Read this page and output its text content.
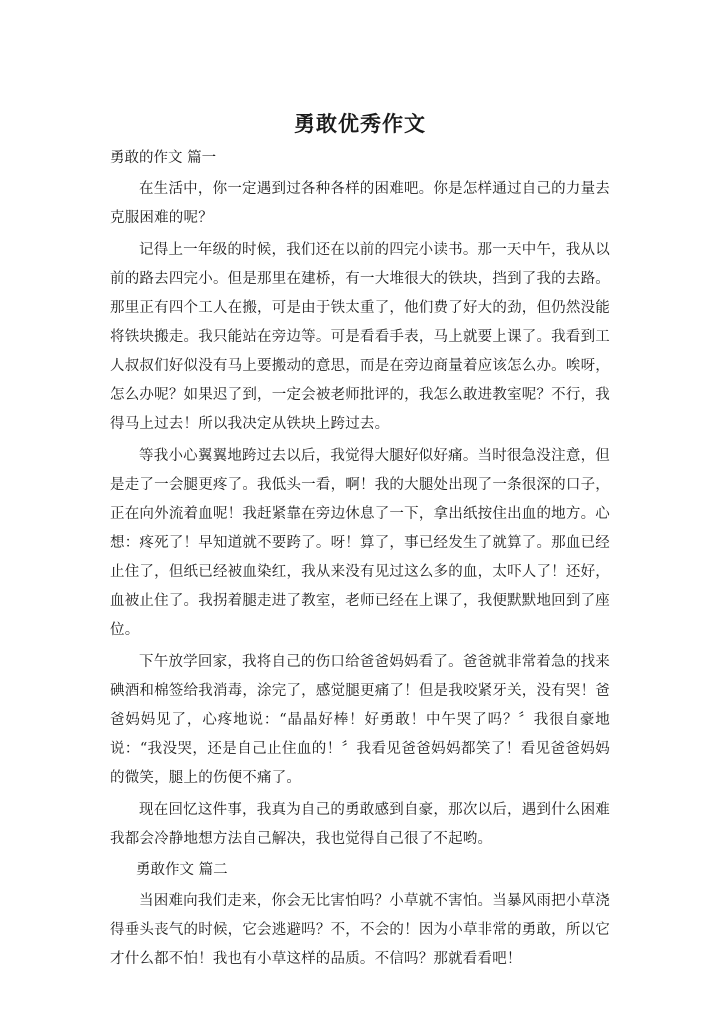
勇敢优秀作文
勇敢的作文 篇一

在生活中，你一定遇到过各种各样的困难吧。你是怎样通过自己的力量去克服困难的呢？

记得上一年级的时候，我们还在以前的四完小读书。那一天中午，我从以前的路去四完小。但是那里在建桥，有一大堆很大的铁块，挡到了我的去路。那里正有四个工人在搬，可是由于铁太重了，他们费了好大的劲，但仍然没能将铁块搬走。我只能站在旁边等。可是看看手表，马上就要上课了。我看到工人叔叔们好似没有马上要搬动的意思，而是在旁边商量着应该怎么办。唉呀，怎么办呢？如果迟了到，一定会被老师批评的，我怎么敢进教室呢？不行，我得马上过去！所以我决定从铁块上跨过去。

等我小心翼翼地跨过去以后，我觉得大腿好似好痛。当时很急没注意，但是走了一会腿更疼了。我低头一看，啊！我的大腿处出现了一条很深的口子，正在向外流着血呢！我赶紧靠在旁边休息了一下，拿出纸按住出血的地方。心想：疼死了！早知道就不要跨了。呀！算了，事已经发生了就算了。那血已经止住了，但纸已经被血染红，我从来没有见过这么多的血，太吓人了！还好，血被止住了。我拐着腿走进了教室，老师已经在上课了，我便默默地回到了座位。

下午放学回家，我将自己的伤口给爸爸妈妈看了。爸爸就非常着急的找来碘酒和棉签给我消毒，涂完了，感觉腿更痛了！但是我咬紧牙关，没有哭！爸爸妈妈见了，心疼地说：“晶晶好棒！好勇敢！中午哭了吗？〞我很自豪地说：“我没哭，还是自己止住血的！〞我看见爸爸妈妈都笑了！看见爸爸妈妈的微笑，腿上的伤便不痛了。

现在回忆这件事，我真为自己的勇敢感到自豪，那次以后，遇到什么困难我都会冷静地想方法自己解决，我也觉得自己很了不起哟。

勇敢作文 篇二

当困难向我们走来，你会无比害怕吗？小草就不害怕。当暴风雨把小草浇得垂头丧气的时候，它会逃避吗？不，不会的！因为小草非常的勇敢，所以它才什么都不怕！我也有小草这样的品质。不信吗？那就看看吧！
